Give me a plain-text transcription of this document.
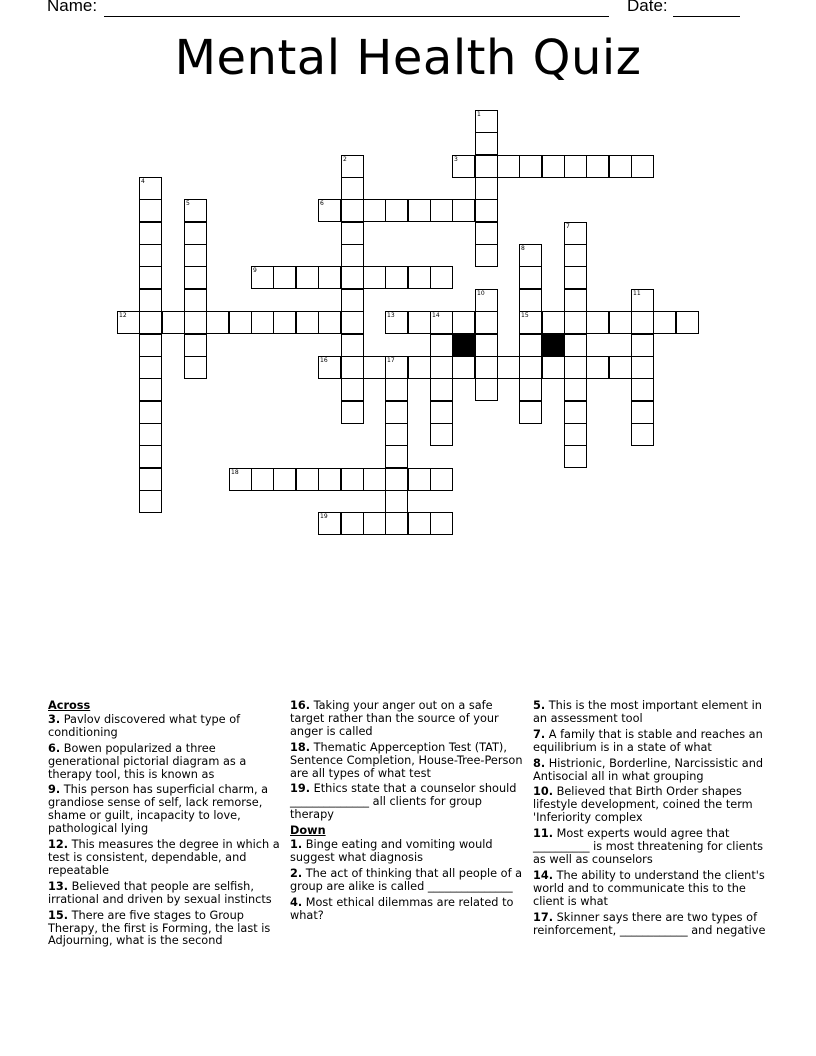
Name:	Date:
Mental Health Quiz
1
2	3
4
5	6
7
8
15
9
10	11
12	13	14
16	17
18
19
Across
3. Pavlov discovered what type of conditioning
6. Bowen popularized a three generational pictorial diagram as a therapy tool, this is known as
9. This person has superficial charm, a grandiose sense of self, lack remorse, shame or guilt, incapacity to love, pathological lying
12. This measures the degree in which a test is consistent, dependable, and repeatable
13. Believed that people are selfish, irrational and driven by sexual instincts
15. There are five stages to Group Therapy, the first is Forming, the last is Adjourning, what is the second
16. Taking your anger out on a safe target rather than the source of your anger is called
18. Thematic Apperception Test (TAT), Sentence Completion, House-Tree-Person are all types of what test
19. Ethics state that a counselor should ______________ all clients for group therapy
Down
1. Binge eating and vomiting would suggest what diagnosis
2. The act of thinking that all people of a group are alike is called _______________
4. Most ethical dilemmas are related to what?
5. This is the most important element in an assessment tool
7. A family that is stable and reaches an equilibrium is in a state of what
8. Histrionic, Borderline, Narcissistic and Antisocial all in what grouping
10. Believed that Birth Order shapes lifestyle development, coined the term 'Inferiority complex
11. Most experts would agree that __________ is most threatening for clients as well as counselors
14. The ability to understand the client's world and to communicate this to the client is what
17. Skinner says there are two types of reinforcement, ____________ and negative
